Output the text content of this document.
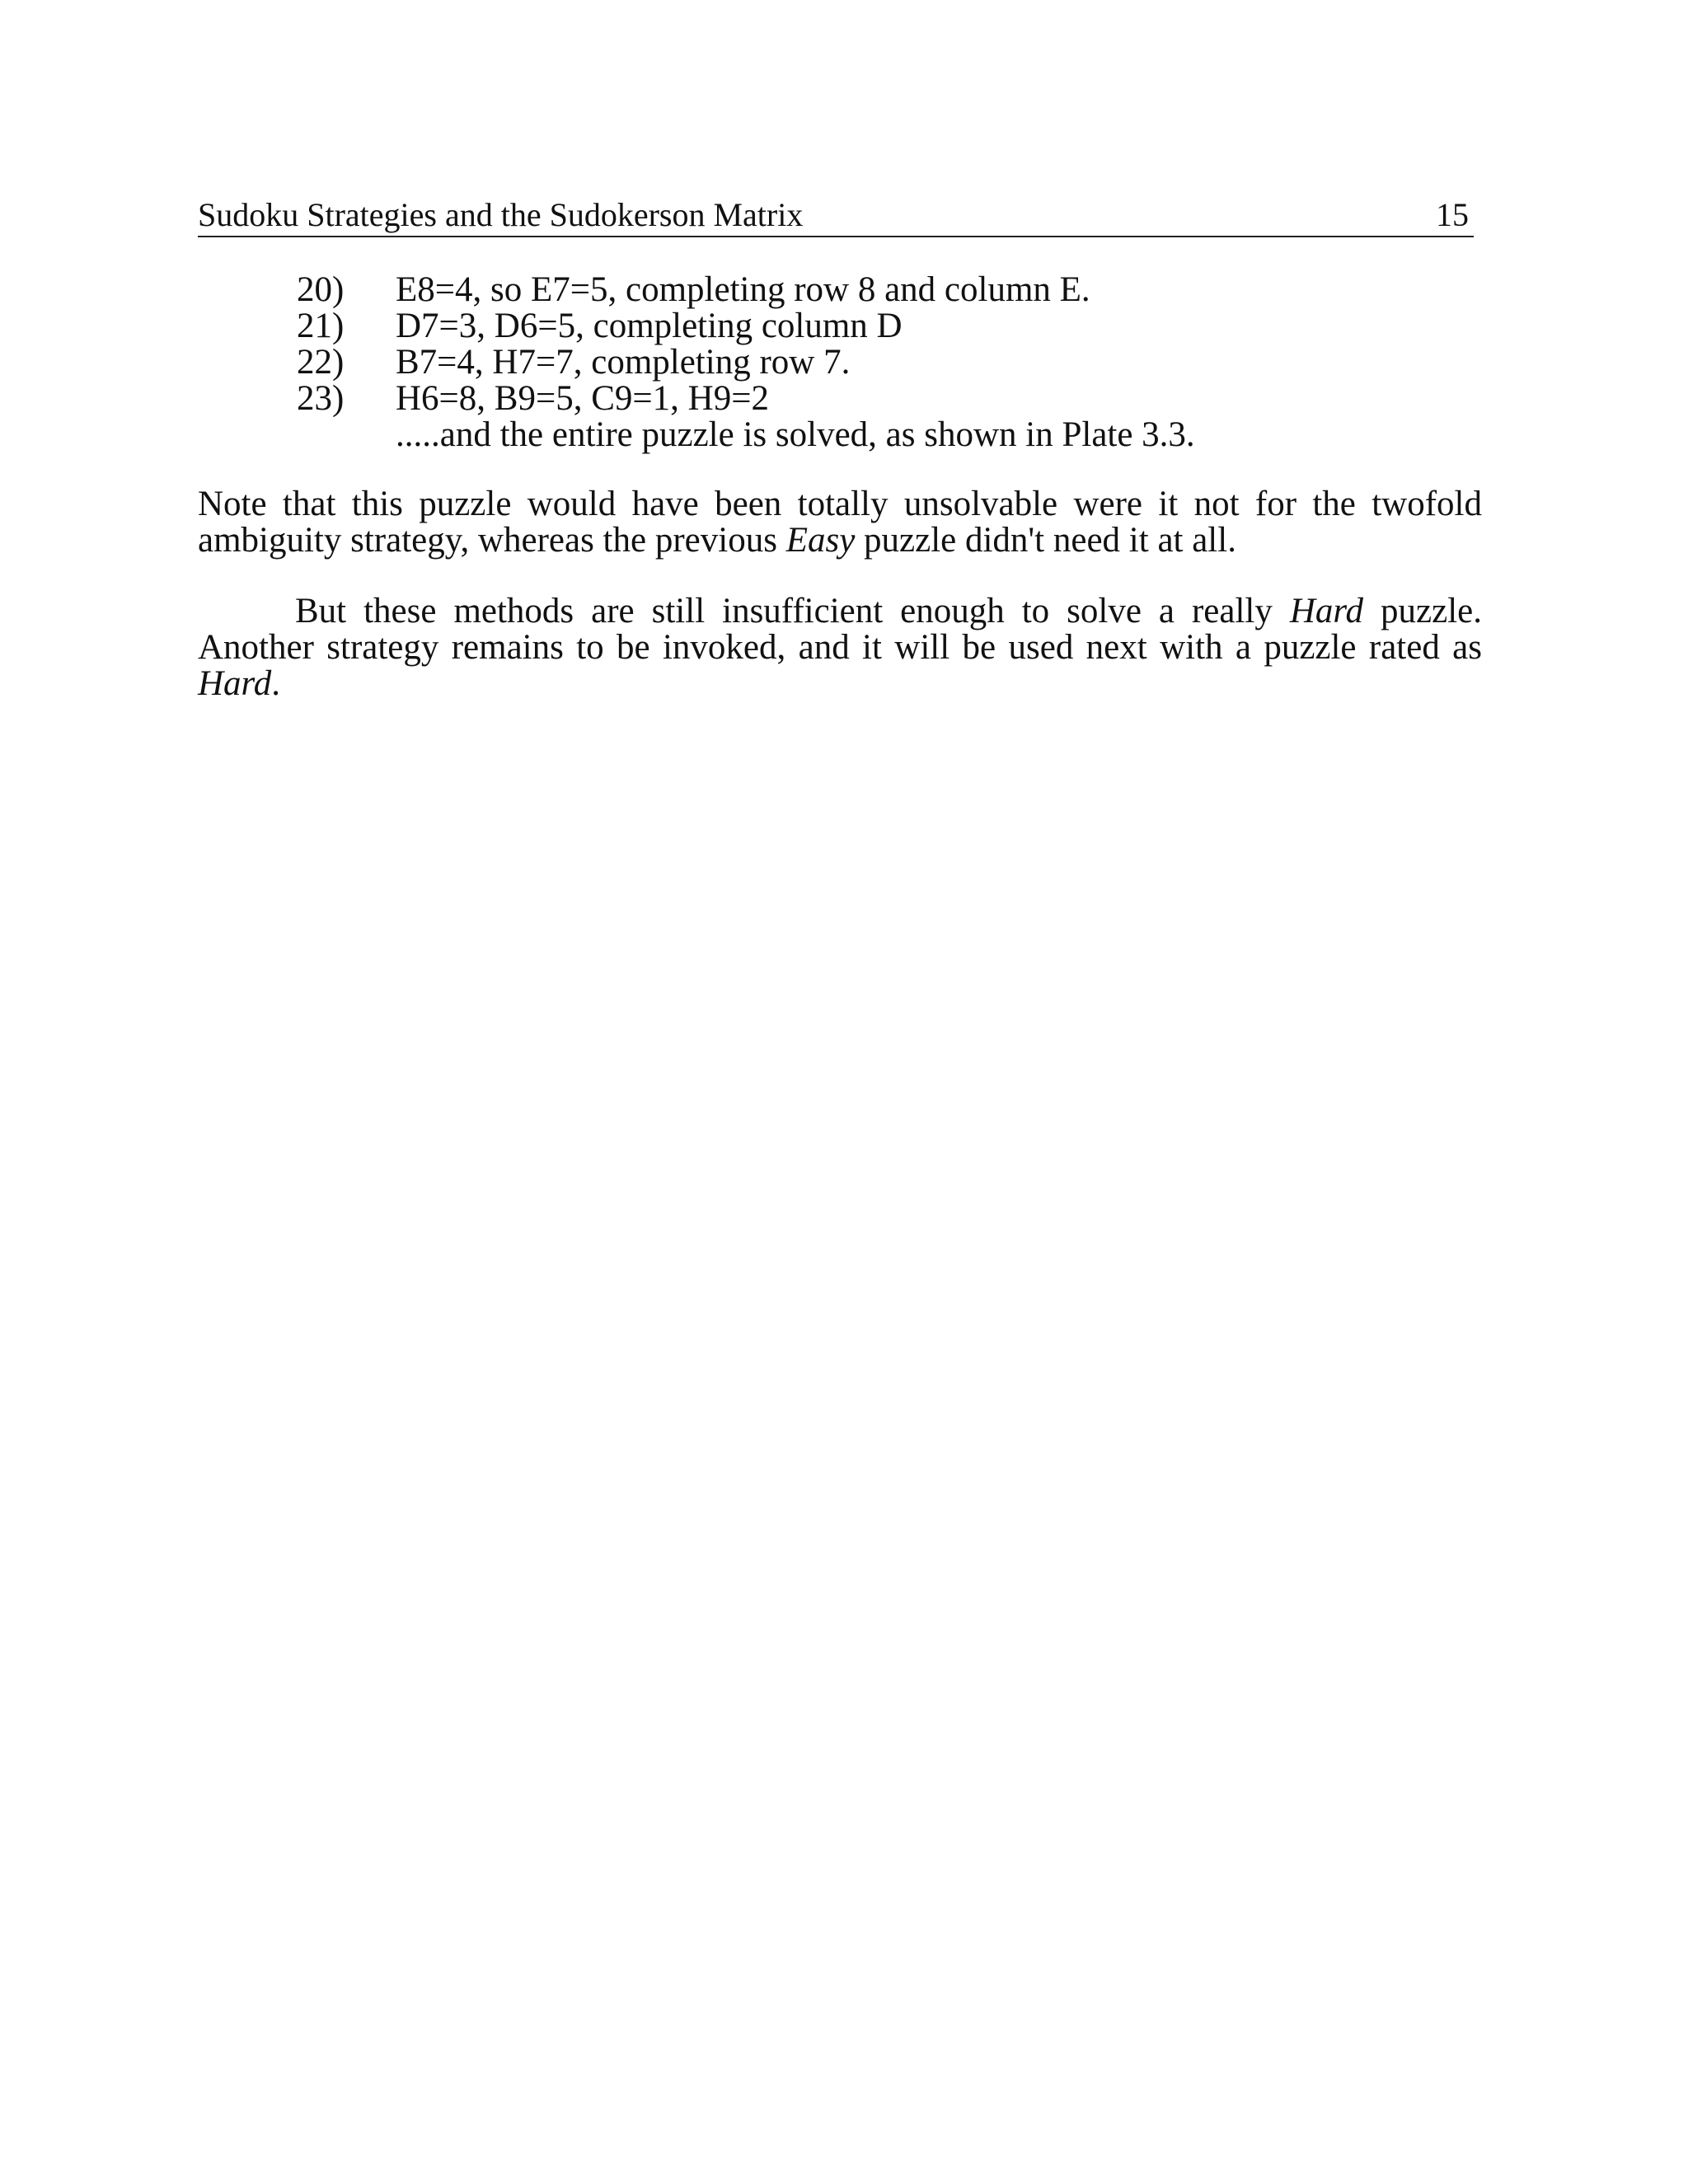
Sudoku Strategies and the Sudokerson Matrix	15
20) E8=4, so E7=5, completing row 8 and column E.
21) D7=3, D6=5, completing column D
22) B7=4, H7=7, completing row 7.
23) H6=8, B9=5, C9=1, H9=2
.....and the entire puzzle is solved, as shown in Plate 3.3.

Note that this puzzle would have been totally unsolvable were it not for the twofold ambiguity strategy, whereas the previous Easy puzzle didn't need it at all.

But these methods are still insufficient enough to solve a really Hard puzzle. Another strategy remains to be invoked, and it will be used next with a puzzle rated as Hard.
